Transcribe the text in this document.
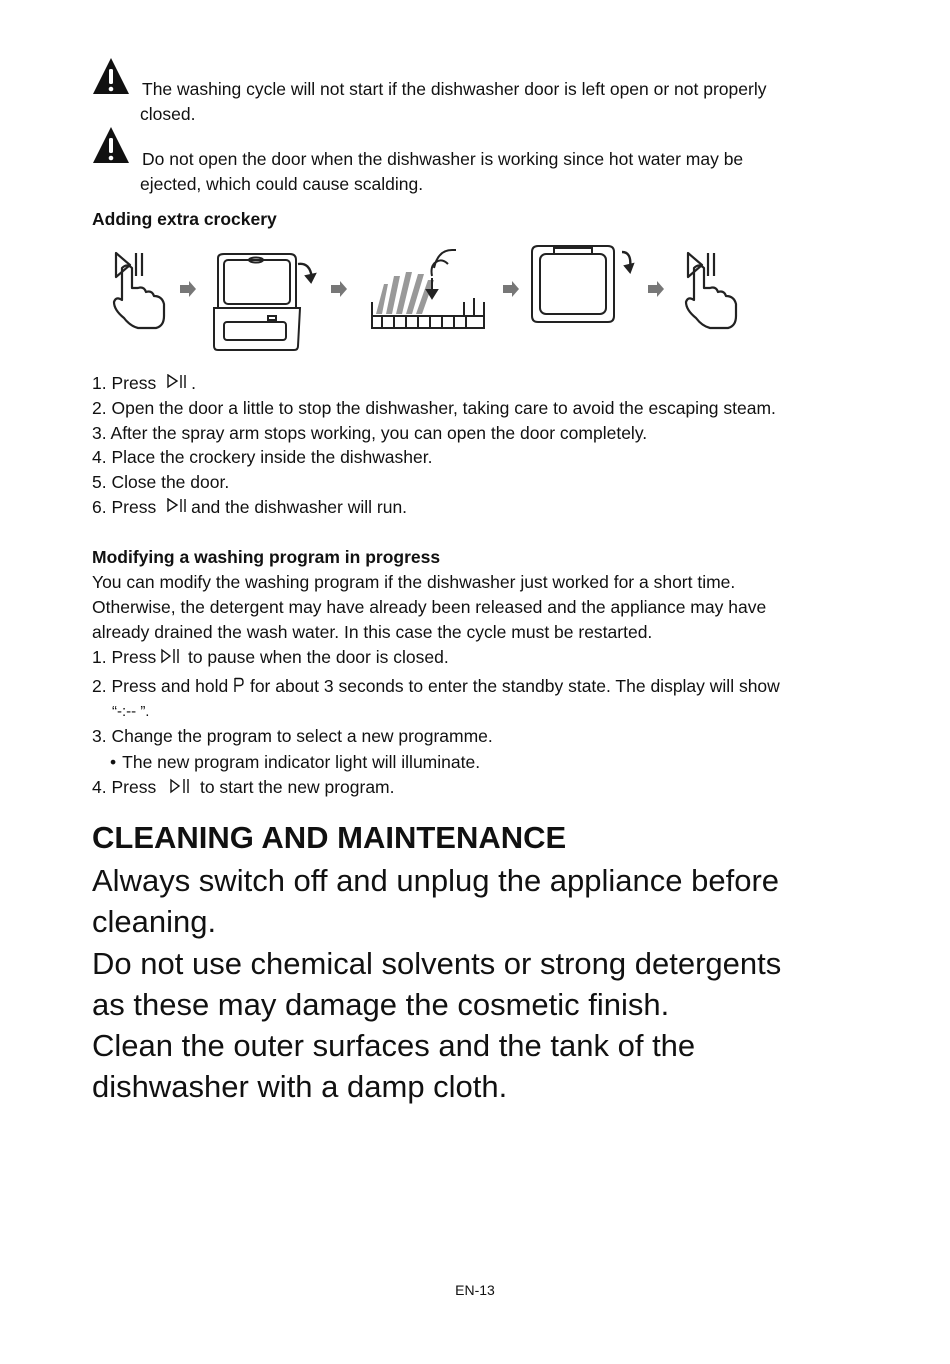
The washing cycle will not start if the dishwasher door is left open or not properly
closed.
Do not open the door when the dishwasher is working since hot water may be
ejected, which could cause scalding.
Adding extra crockery
1. Press .
2. Open the door a little to stop the dishwasher, taking care to avoid the escaping steam.
3. After the spray arm stops working, you can open the door completely.
4. Place the crockery inside the dishwasher.
5. Close the door.
6. Press and the dishwasher will run.
Modifying a washing program in progress
You can modify the washing program if the dishwasher just worked for a short time.
Otherwise, the detergent may have already been released and the appliance may have
already drained the wash water. In this case the cycle must be restarted.
1. Press to pause when the door is closed.
2. Press and hold for about 3 seconds to enter the standby state. The display will show
“-:-- ”.
3. Change the program to select a new programme.
• The new program indicator light will illuminate.
4. Press	to start the new program.
CLEANING AND MAINTENANCE

Always switch off and unplug the appliance before

cleaning.

Do not use chemical solvents or strong detergents

as these may damage the cosmetic finish.

Clean the outer surfaces and the tank of the

dishwasher with a damp cloth.

EN-13
